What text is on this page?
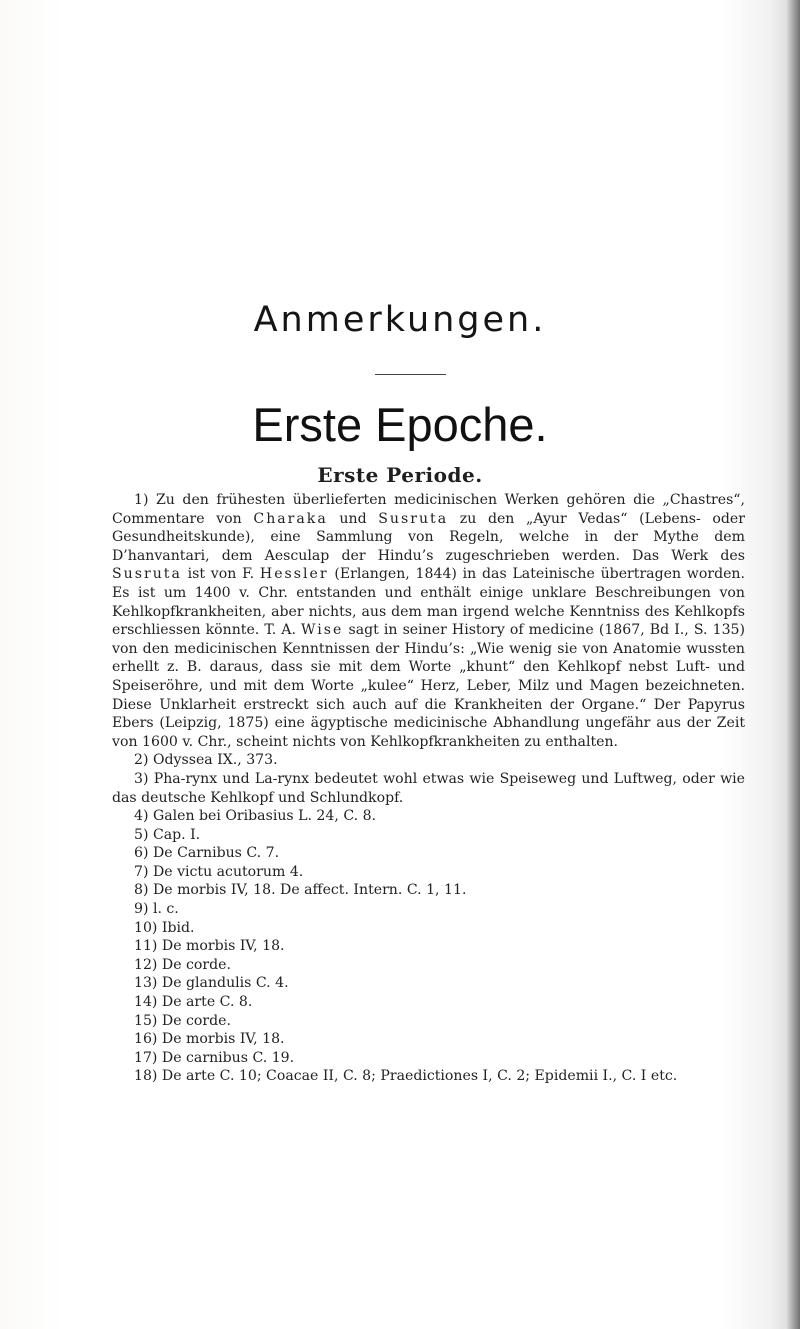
Anmerkungen.
Erste Epoche.
Erste Periode.

1) Zu den frühesten überlieferten medicinischen Werken gehören die „Chastres“, Commentare von Charaka und Susruta zu den „Ayur Vedas“ (Lebens- oder Gesundheitskunde), eine Sammlung von Regeln, welche in der Mythe dem D’hanvantari, dem Aesculap der Hindu’s zugeschrieben werden. Das Werk des Susruta ist von F. Hessler (Erlangen, 1844) in das Lateinische übertragen worden. Es ist um 1400 v. Chr. entstanden und enthält einige unklare Beschreibungen von Kehlkopfkrankheiten, aber nichts, aus dem man irgend welche Kenntniss des Kehlkopfs erschliessen könnte. T. A. Wise sagt in seiner History of medicine (1867, Bd I., S. 135) von den medicinischen Kenntnissen der Hindu’s: „Wie wenig sie von Anatomie wussten erhellt z. B. daraus, dass sie mit dem Worte „khunt“ den Kehlkopf nebst Luft- und Speiseröhre, und mit dem Worte „kulee“ Herz, Leber, Milz und Magen bezeichneten. Diese Unklarheit erstreckt sich auch auf die Krankheiten der Organe.“ Der Papyrus Ebers (Leipzig, 1875) eine ägyptische medicinische Abhandlung ungefähr aus der Zeit von 1600 v. Chr., scheint nichts von Kehlkopfkrankheiten zu enthalten.

2) Odyssea IX., 373.
3) Pha-rynx und La-rynx bedeutet wohl etwas wie Speiseweg und Luftweg, oder wie das deutsche Kehlkopf und Schlundkopf.
4) Galen bei Oribasius L. 24, C. 8.
5) Cap. I.
6) De Carnibus C. 7.
7) De victu acutorum 4.
8) De morbis IV, 18. De affect. Intern. C. 1, 11.
9) l. c.
10) Ibid.
11) De morbis IV, 18.
12) De corde.
13) De glandulis C. 4.
14) De arte C. 8.
15) De corde.
16) De morbis IV, 18.
17) De carnibus C. 19.
18) De arte C. 10; Coacae II, C. 8; Praedictiones I, C. 2; Epidemii I., C. I etc.
